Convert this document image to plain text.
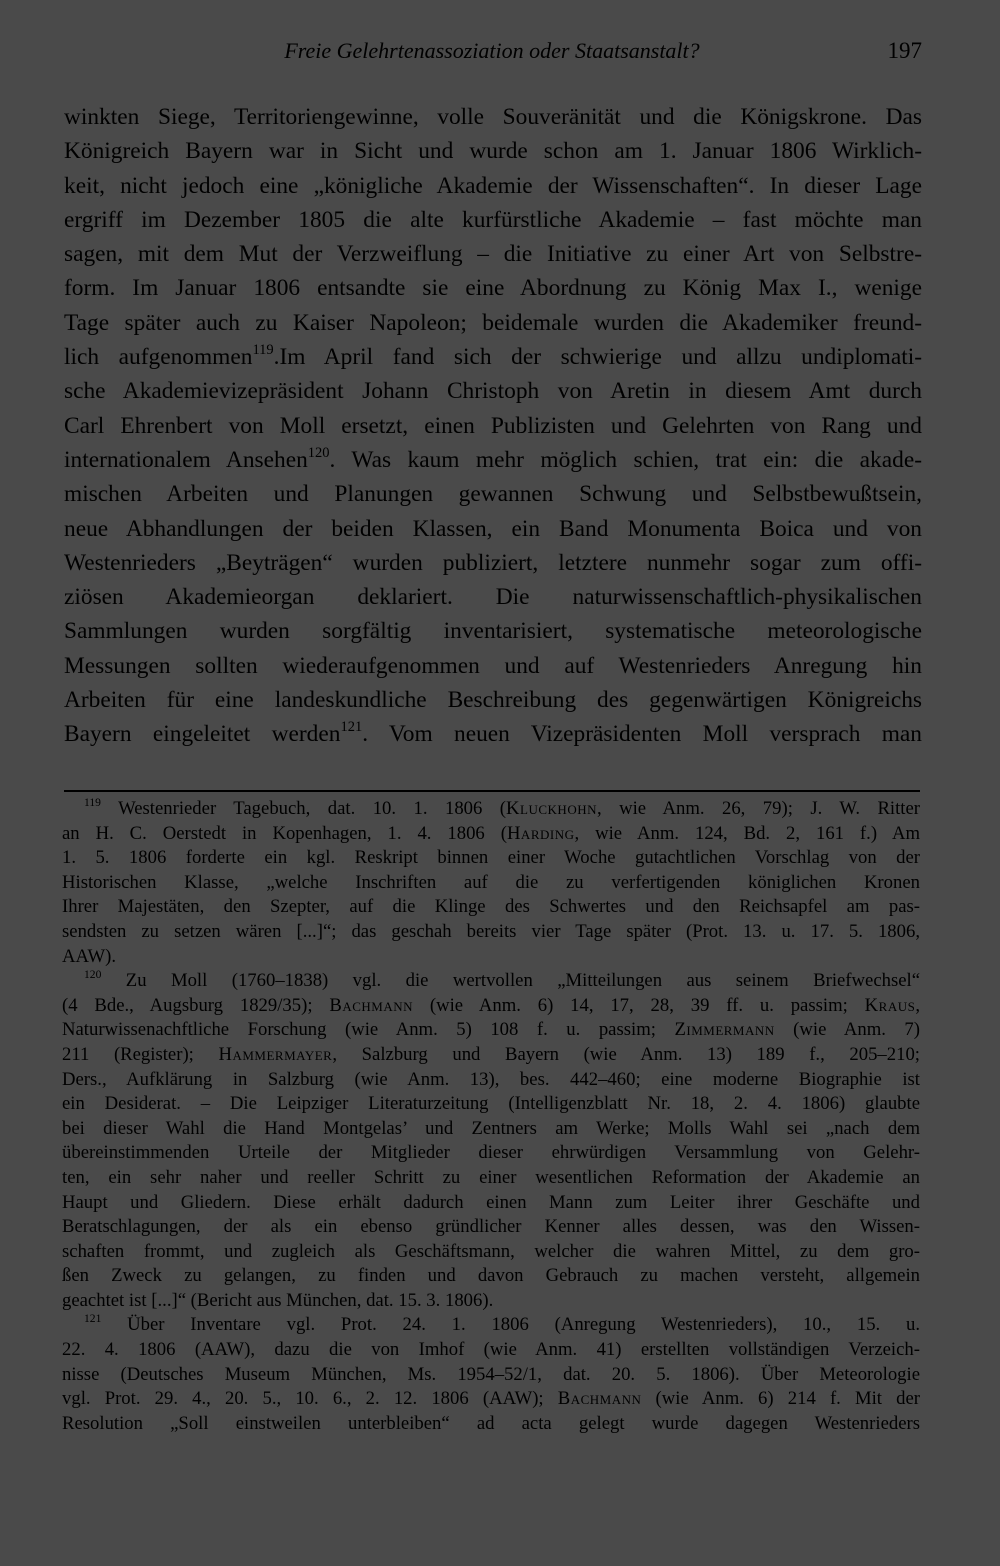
Freie Gelehrtenassoziation oder Staatsanstalt?	197
winkten Siege, Territoriengewinne, volle Souveränität und die Königskrone. Das
Königreich Bayern war in Sicht und wurde schon am 1. Januar 1806 Wirklich-
keit, nicht jedoch eine „königliche Akademie der Wissenschaften“. In dieser Lage
ergriff im Dezember 1805 die alte kurfürstliche Akademie – fast möchte man
sagen, mit dem Mut der Verzweiflung – die Initiative zu einer Art von Selbstre-
form. Im Januar 1806 entsandte sie eine Abordnung zu König Max I., wenige
Tage später auch zu Kaiser Napoleon; beidemale wurden die Akademiker freund-
lich aufgenommen$^{119}$.Im April fand sich der schwierige und allzu undiplomati-
sche Akademievizepräsident Johann Christoph von Aretin in diesem Amt durch
Carl Ehrenbert von Moll ersetzt, einen Publizisten und Gelehrten von Rang und
internationalem Ansehen$^{120}$. Was kaum mehr möglich schien, trat ein: die akade-
mischen Arbeiten und Planungen gewannen Schwung und Selbstbewußtsein,
neue Abhandlungen der beiden Klassen, ein Band Monumenta Boica und von
Westenrieders „Beyträgen“ wurden publiziert, letztere nunmehr sogar zum offi-
ziösen Akademieorgan deklariert. Die naturwissenschaftlich-physikalischen
Sammlungen wurden sorgfältig inventarisiert, systematische meteorologische
Messungen sollten wiederaufgenommen und auf Westenrieders Anregung hin
Arbeiten für eine landeskundliche Beschreibung des gegenwärtigen Königreichs
Bayern eingeleitet werden$^{121}$. Vom neuen Vizepräsidenten Moll versprach man
$^{119}$ Westenrieder Tagebuch, dat. 10. 1. 1806 (Kluckhohn, wie Anm. 26, 79); J. W. Ritter
an H. C. Oerstedt in Kopenhagen, 1. 4. 1806 (Harding, wie Anm. 124, Bd. 2, 161 f.) Am
1. 5. 1806 forderte ein kgl. Reskript binnen einer Woche gutachtlichen Vorschlag von der
Historischen Klasse, „welche Inschriften auf die zu verfertigenden königlichen Kronen
Ihrer Majestäten, den Szepter, auf die Klinge des Schwertes und den Reichsapfel am pas-
sendsten zu setzen wären [...]“; das geschah bereits vier Tage später (Prot. 13. u. 17. 5. 1806,
AAW).
$^{120}$ Zu Moll (1760–1838) vgl. die wertvollen „Mitteilungen aus seinem Briefwechsel“
(4 Bde., Augsburg 1829/35); Bachmann (wie Anm. 6) 14, 17, 28, 39 ff. u. passim; Kraus,
Naturwissenachftliche Forschung (wie Anm. 5) 108 f. u. passim; Zimmermann (wie Anm. 7)
211 (Register); Hammermayer, Salzburg und Bayern (wie Anm. 13) 189 f., 205–210;
Ders., Aufklärung in Salzburg (wie Anm. 13), bes. 442–460; eine moderne Biographie ist
ein Desiderat. – Die Leipziger Literaturzeitung (Intelligenzblatt Nr. 18, 2. 4. 1806) glaubte
bei dieser Wahl die Hand Montgelas’ und Zentners am Werke; Molls Wahl sei „nach dem
übereinstimmenden Urteile der Mitglieder dieser ehrwürdigen Versammlung von Gelehr-
ten, ein sehr naher und reeller Schritt zu einer wesentlichen Reformation der Akademie an
Haupt und Gliedern. Diese erhält dadurch einen Mann zum Leiter ihrer Geschäfte und
Beratschlagungen, der als ein ebenso gründlicher Kenner alles dessen, was den Wissen-
schaften frommt, und zugleich als Geschäftsmann, welcher die wahren Mittel, zu dem gro-
ßen Zweck zu gelangen, zu finden und davon Gebrauch zu machen versteht, allgemein
geachtet ist [...]“ (Bericht aus München, dat. 15. 3. 1806).
$^{121}$ Über Inventare vgl. Prot. 24. 1. 1806 (Anregung Westenrieders), 10., 15. u.
22. 4. 1806 (AAW), dazu die von Imhof (wie Anm. 41) erstellten vollständigen Verzeich-
nisse (Deutsches Museum München, Ms. 1954–52/1, dat. 20. 5. 1806). Über Meteorologie
vgl. Prot. 29. 4., 20. 5., 10. 6., 2. 12. 1806 (AAW); Bachmann (wie Anm. 6) 214 f. Mit der
Resolution „Soll einstweilen unterbleiben“ ad acta gelegt wurde dagegen Westenrieders
